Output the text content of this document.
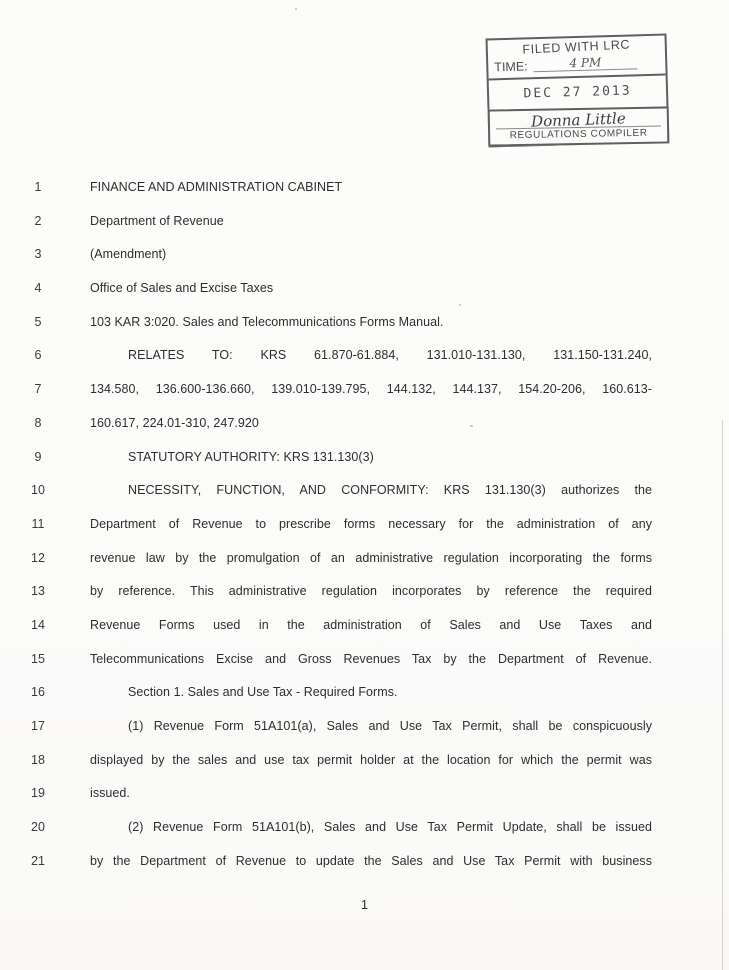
FILED WITH LRC
TIME:	4 PM
DEC 27 2013
Donna Little
REGULATIONS COMPILER
1	FINANCE AND ADMINISTRATION CABINET
2	Department of Revenue
3	(Amendment)
4	Office of Sales and Excise Taxes
5	103 KAR 3:020. Sales and Telecommunications Forms Manual.
6	RELATES TO: KRS 61.870-61.884, 131.010-131.130, 131.150-131.240,
7	134.580, 136.600-136.660, 139.010-139.795, 144.132, 144.137, 154.20-206, 160.613-
8	160.617, 224.01-310, 247.920
9	STATUTORY AUTHORITY: KRS 131.130(3)
10	NECESSITY, FUNCTION, AND CONFORMITY: KRS 131.130(3) authorizes the
11	Department of Revenue to prescribe forms necessary for the administration of any
12	revenue law by the promulgation of an administrative regulation incorporating the forms
13	by reference. This administrative regulation incorporates by reference the required
14	Revenue Forms used in the administration of Sales and Use Taxes and
15	Telecommunications Excise and Gross Revenues Tax by the Department of Revenue.
16	Section 1. Sales and Use Tax - Required Forms.
17	(1) Revenue Form 51A101(a), Sales and Use Tax Permit, shall be conspicuously
18	displayed by the sales and use tax permit holder at the location for which the permit was
19	issued.
20	(2) Revenue Form 51A101(b), Sales and Use Tax Permit Update, shall be issued
21	by the Department of Revenue to update the Sales and Use Tax Permit with business
1
